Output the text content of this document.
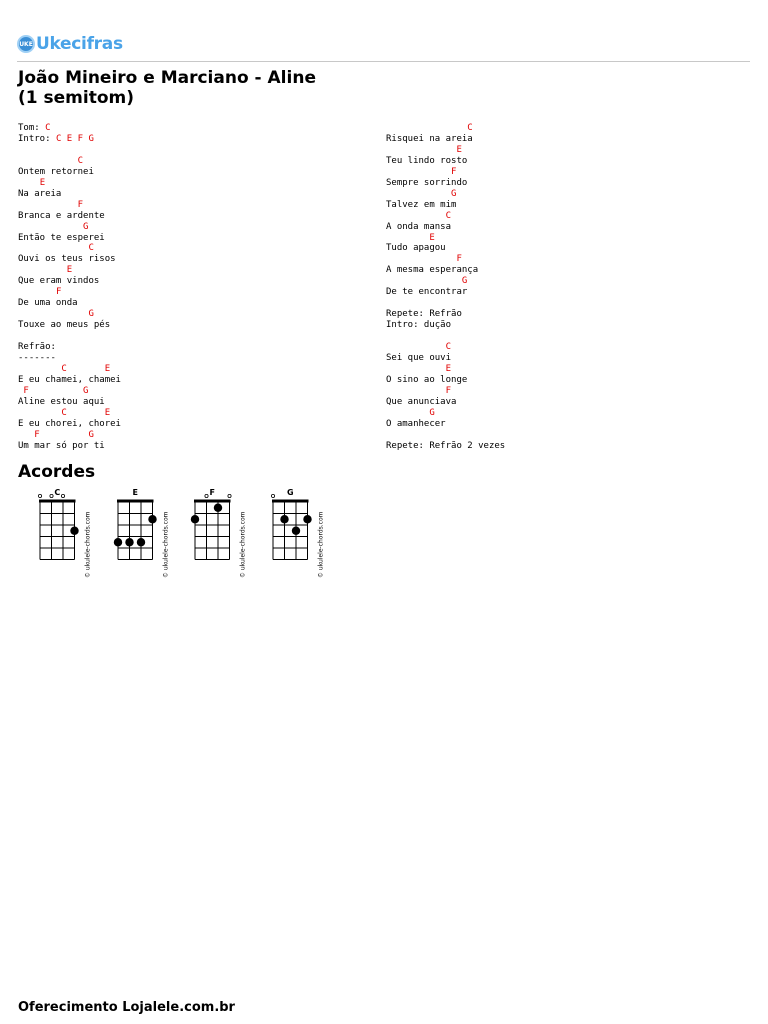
UKE Ukecifras
João Mineiro e Marciano - Aline
(1 semitom)
Tom: C
Intro: C E F G

C
Ontem retornei
E
Na areia
F
Branca e ardente
G
Então te esperei
C
Ouvi os teus risos
E
Que eram vindos
F
De uma onda
G
Touxe ao meus pés

Refrão:
-------
C	E
E eu chamei, chamei
F	G
Aline estou aqui
C	E
E eu chorei, chorei
F	G
Um mar só por ti

C
Risquei na areia
E
Teu lindo rosto
F
Sempre sorrindo
G
Talvez em mim
C
A onda mansa
E
Tudo apagou
F
A mesma esperança
G
De te encontrar

Repete: Refrão
Intro: dução

C
Sei que ouvi
E
O sino ao longe
F
Que anunciava
G
O amanhecer

Repete: Refrão 2 vezes

Acordes
C
© ukulele-chords.com
E
© ukulele-chords.com
F
© ukulele-chords.com
G
© ukulele-chords.com

Oferecimento Lojalele.com.br
